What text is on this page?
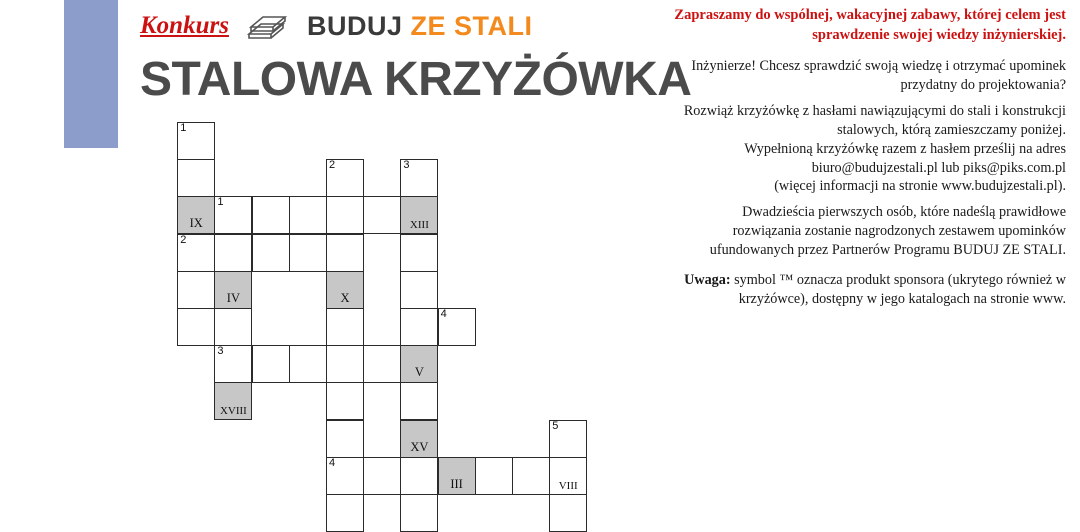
Konkurs	BUDUJ ZE STALI
STALOWA KRZYŻÓWKA
Zapraszamy do wspólnej, wakacyjnej zabawy, której celem jest sprawdzenie swojej wiedzy inżynierskiej.

Inżynierze! Chcesz sprawdzić swoją wiedzę i otrzymać upominek przydatny do projektowania?

Rozwiąż krzyżówkę z hasłami nawiązującymi do stali i konstrukcji stalowych, którą zamieszczamy poniżej.

Wypełnioną krzyżówkę razem z hasłem prześlij na adres biuro@budujzestali.pl lub piks@piks.com.pl

(więcej informacji na stronie www.budujzestali.pl).

Dwadzieścia pierwszych osób, które nadeślą prawidłowe rozwiązania zostanie nagrodzonych zestawem upominków ufundowanych przez Partnerów Programu BUDUJ ZE STALI.

Uwaga: symbol ™ oznacza produkt sponsora (ukrytego również w krzyżówce), dostępny w jego katalogach na stronie www.
1
IX
2
1
IV
3
XVIII
2
X
4
3
XIII
V
XV
4
III
5
VIII
